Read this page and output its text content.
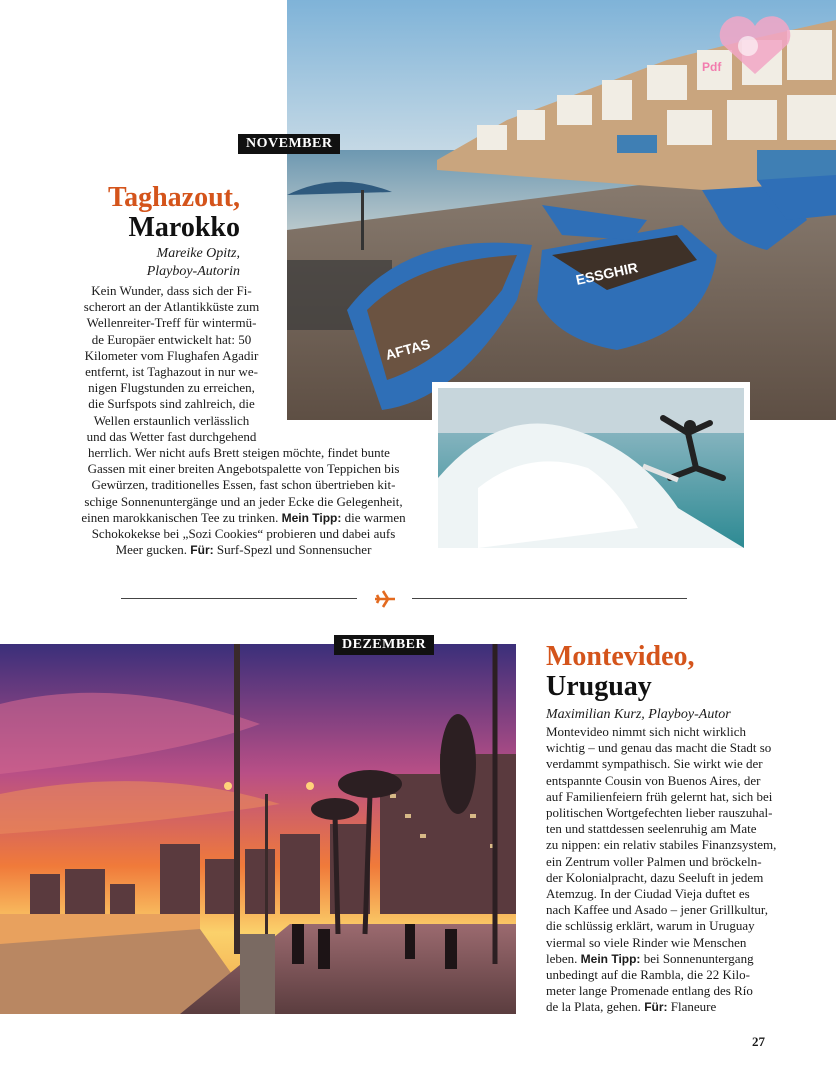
AFTAS
ESSGHIR
Pdf
NOVEMBER
Taghazout,
Marokko
Mareike Opitz,
Playboy-Autorin

Kein Wunder, dass sich der Fi-

scherort an der Atlantikküste zum

Wellenreiter-Treff für wintermü-

de Europäer entwickelt hat: 50

Kilometer vom Flughafen Agadir

entfernt, ist Taghazout in nur we-

nigen Flugstunden zu erreichen,

die Surfspots sind zahlreich, die

Wellen erstaunlich verlässlich

und das Wetter fast durchgehend

herrlich. Wer nicht aufs Brett steigen möchte, findet bunte

Gassen mit einer breiten Angebotspalette von Teppichen bis

Gewürzen, traditionelles Essen, fast schon übertrieben kit-

schige Sonnenuntergänge und an jeder Ecke die Gelegenheit,

einen marokkanischen Tee zu trinken. Mein Tipp: die warmen

Schokokekse bei „Sozi Cookies“ probieren und dabei aufs

Meer gucken. Für: Surf-Spezl und Sonnensucher

DEZEMBER	Montevideo,
Uruguay
Maximilian Kurz, Playboy-Autor

Montevideo nimmt sich nicht wirklich

wichtig – und genau das macht die Stadt so

verdammt sympathisch. Sie wirkt wie der

entspannte Cousin von Buenos Aires, der

auf Familienfeiern früh gelernt hat, sich bei

politischen Wortgefechten lieber rauszuhal-

ten und stattdessen seelenruhig am Mate

zu nippen: ein relativ stabiles Finanzsystem,

ein Zentrum voller Palmen und bröckeln-

der Kolonialpracht, dazu Seeluft in jedem

Atemzug. In der Ciudad Vieja duftet es

nach Kaffee und Asado – jener Grillkultur,

die schlüssig erklärt, warum in Uruguay

viermal so viele Rinder wie Menschen

leben. Mein Tipp: bei Sonnenuntergang

unbedingt auf die Rambla, die 22 Kilo-

meter lange Promenade entlang des Río

de la Plata, gehen. Für: Flaneure

27
